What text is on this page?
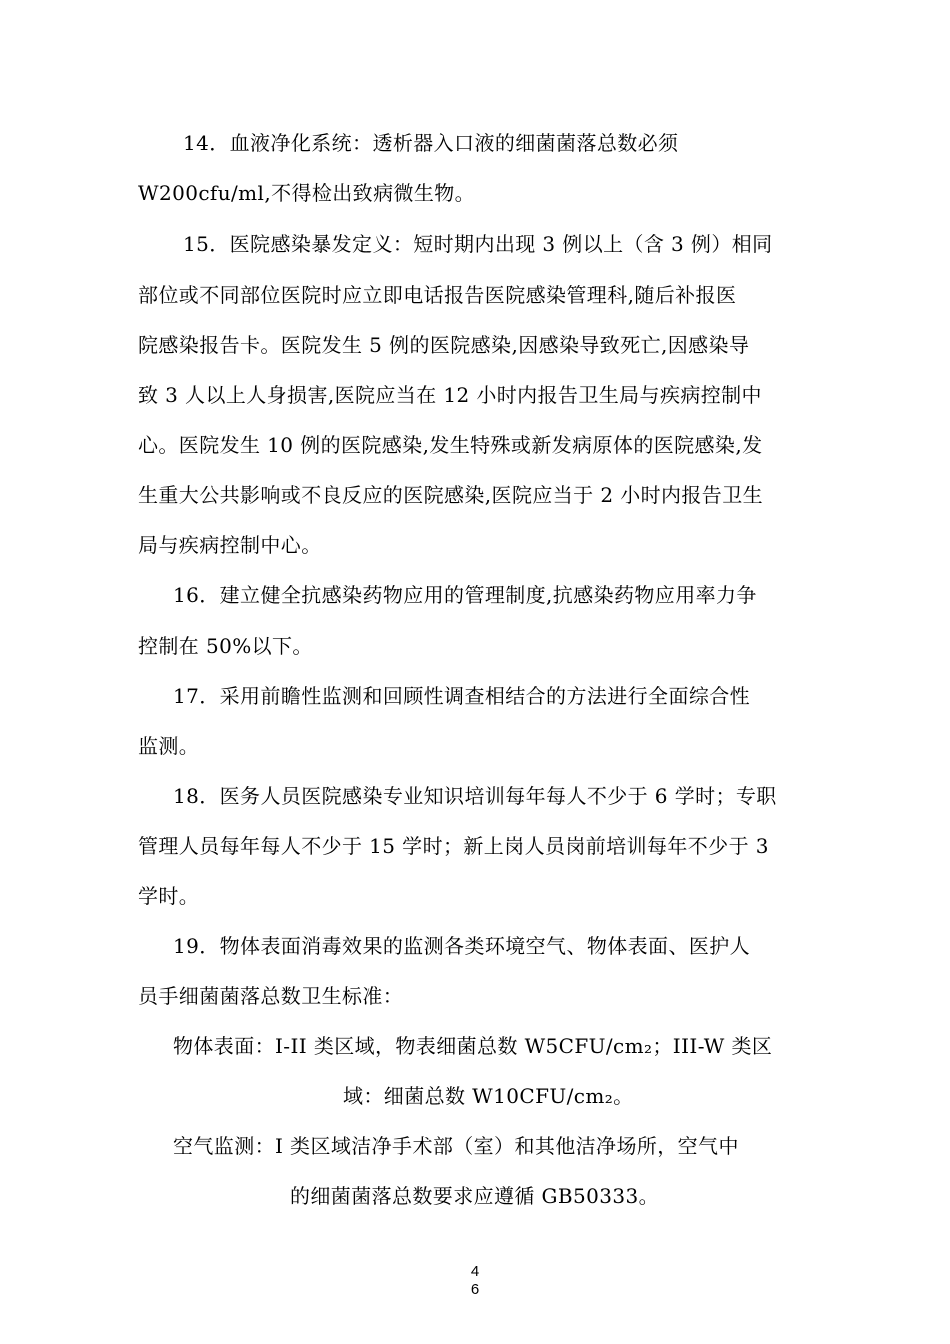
14．血液净化系统：透析器入口液的细菌菌落总数必须
W200cfu/ml,不得检出致病微生物。
15．医院感染暴发定义：短时期内出现 3 例以上（含 3 例）相同
部位或不同部位医院时应立即电话报告医院感染管理科,随后补报医
院感染报告卡。医院发生 5 例的医院感染,因感染导致死亡,因感染导
致 3 人以上人身损害,医院应当在 12 小时内报告卫生局与疾病控制中
心。医院发生 10 例的医院感染,发生特殊或新发病原体的医院感染,发
生重大公共影响或不良反应的医院感染,医院应当于 2 小时内报告卫生
局与疾病控制中心。
16．建立健全抗感染药物应用的管理制度,抗感染药物应用率力争
控制在 50%以下。
17．采用前瞻性监测和回顾性调查相结合的方法进行全面综合性
监测。
18．医务人员医院感染专业知识培训每年每人不少于 6 学时；专职
管理人员每年每人不少于 15 学时；新上岗人员岗前培训每年不少于 3
学时。
19．物体表面消毒效果的监测各类环境空气、物体表面、医护人
员手细菌菌落总数卫生标准：
物体表面：I-II 类区域，物表细菌总数 W5CFU/cm₂；III-W 类区
域：细菌总数 W10CFU/cm₂。
空气监测：I 类区域洁净手术部（室）和其他洁净场所，空气中
的细菌菌落总数要求应遵循 GB50333。
4
6
